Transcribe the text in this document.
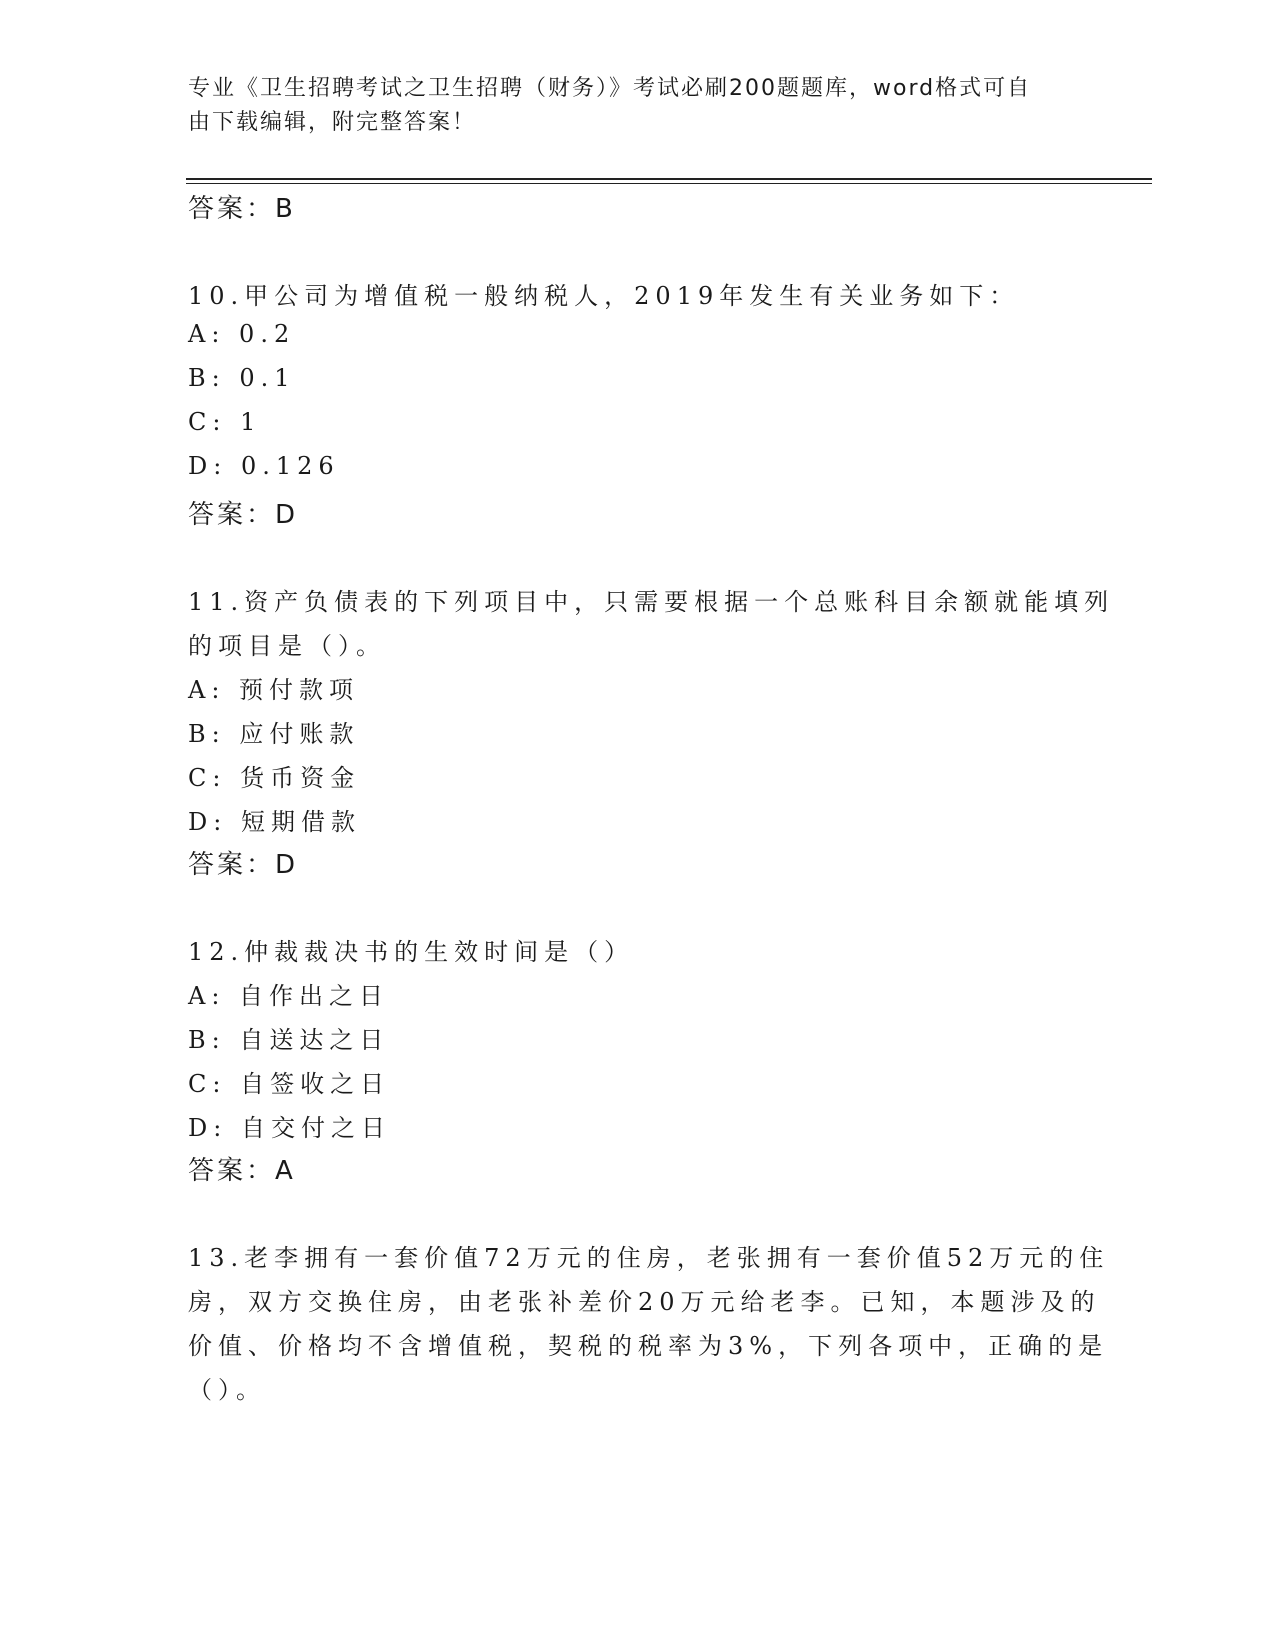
专业《卫生招聘考试之卫生招聘（财务）》考试必刷200题题库，word格式可自
由下载编辑，附完整答案！
答案：B
10.甲公司为增值税一般纳税人，2019年发生有关业务如下：
A: 0.2
B: 0.1
C: 1
D: 0.126
答案：D
11.资产负债表的下列项目中，只需要根据一个总账科目余额就能填列
的项目是（）。
A: 预付款项
B: 应付账款
C: 货币资金
D: 短期借款
答案：D
12.仲裁裁决书的生效时间是（）
A: 自作出之日
B: 自送达之日
C: 自签收之日
D: 自交付之日
答案：A
13.老李拥有一套价值72万元的住房，老张拥有一套价值52万元的住
房，双方交换住房，由老张补差价20万元给老李。已知，本题涉及的
价值、价格均不含增值税，契税的税率为3%，下列各项中，正确的是
（）。
